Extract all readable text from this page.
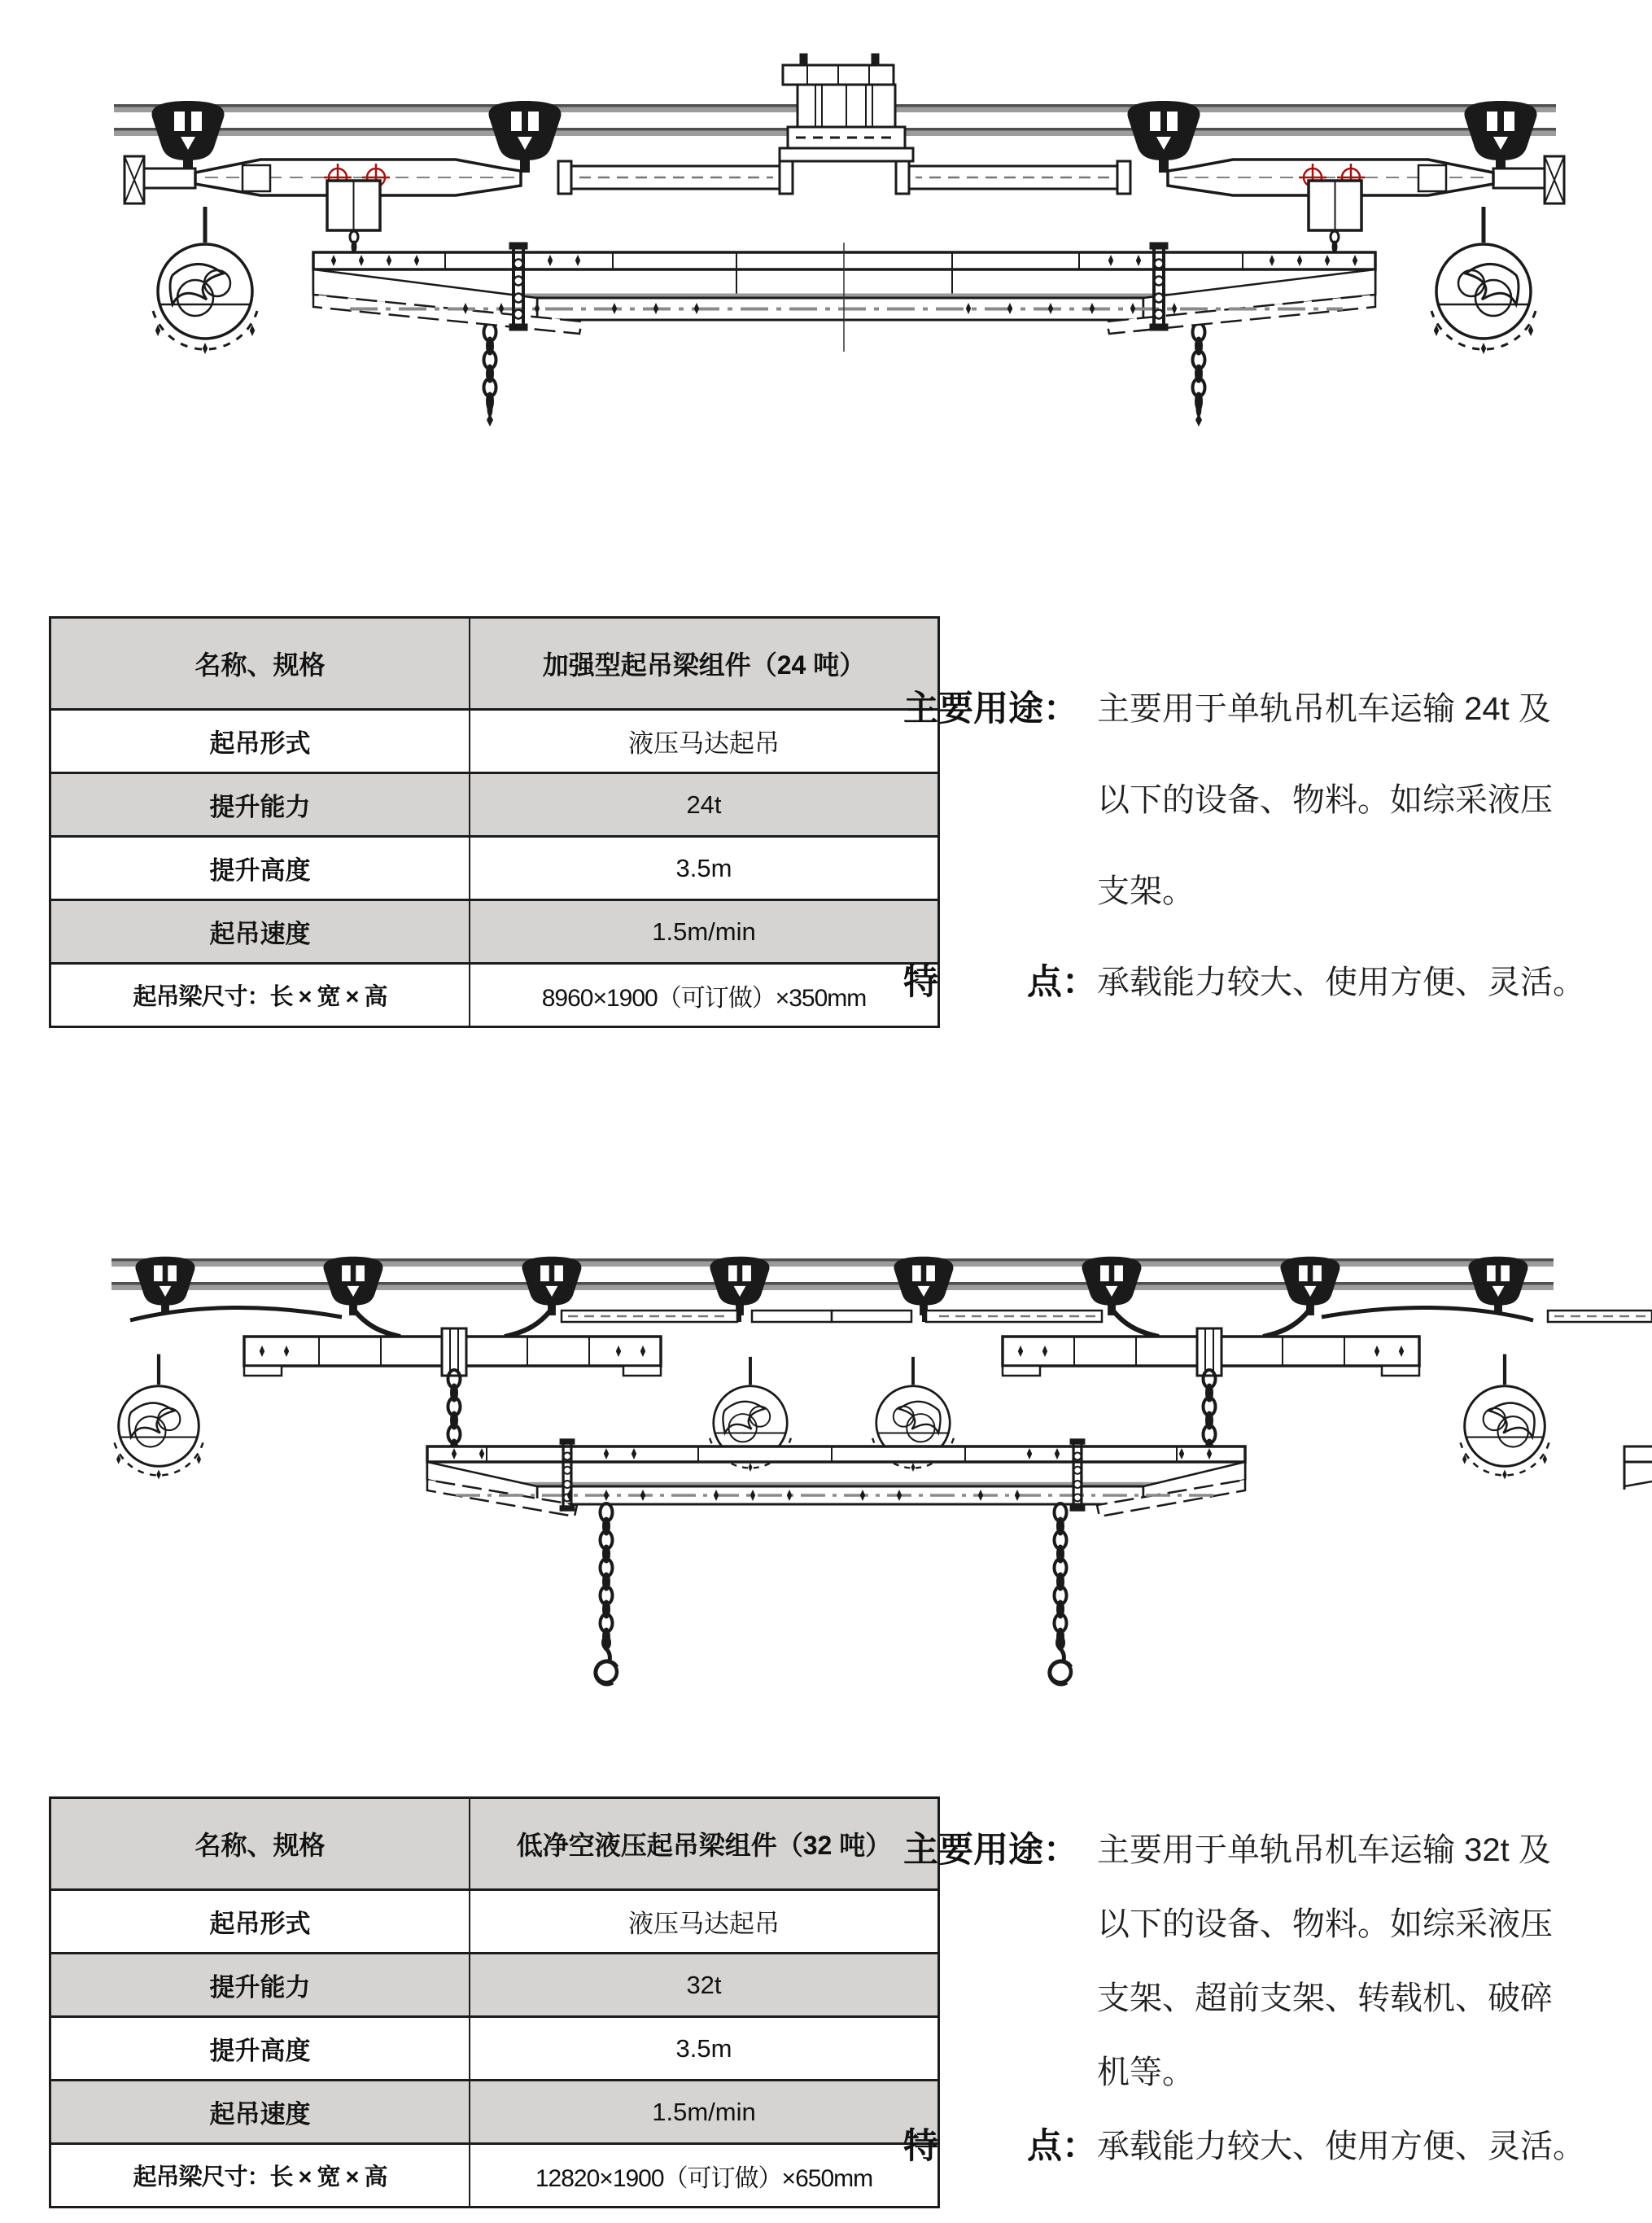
名称、规格	加强型起吊梁组件（24 吨）
起吊形式	液压马达起吊
提升能力	24t
提升高度	3.5m
起吊速度	1.5m/min
起吊梁尺寸：长 × 宽 × 高	8960×1900（可订做）×350mm
主要用途： 主要用于单轨吊机车运输 24t 及
以下的设备、物料。如综采液压
支架。
特	点： 承载能力较大、使用方便、灵活。
名称、规格	低净空液压起吊梁组件（32 吨）
起吊形式	液压马达起吊
提升能力	32t
提升高度	3.5m
起吊速度	1.5m/min
起吊梁尺寸：长 × 宽 × 高	12820×1900（可订做）×650mm
主要用途： 主要用于单轨吊机车运输 32t 及
以下的设备、物料。如综采液压
支架、超前支架、转载机、破碎
机等。
特	点： 承载能力较大、使用方便、灵活。
